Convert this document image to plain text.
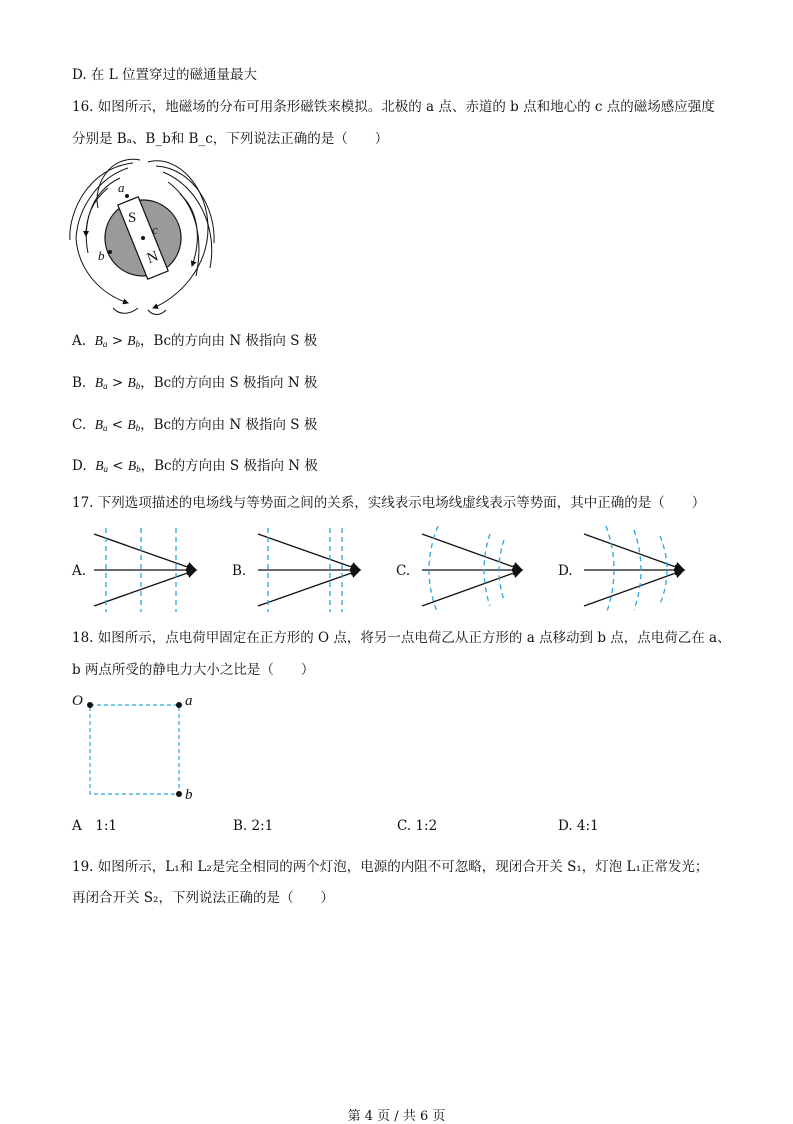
D. 在 L 位置穿过的磁通量最大
16. 如图所示，地磁场的分布可用条形磁铁来模拟。北极的 a 点、赤道的 b 点和地心的 c 点的磁场感应强度
分别是 Bₐ、B_b和 B_c，下列说法正确的是（　　）
S
N
c
a
b
A. $B_a > B_b$，Bc的方向由 N 极指向 S 极
B. $B_a > B_b$，Bc的方向由 S 极指向 N 极
C. $B_a < B_b$，Bc的方向由 N 极指向 S 极
D. $B_a < B_b$，Bc的方向由 S 极指向 N 极
17. 下列选项描述的电场线与等势面之间的关系，实线表示电场线虚线表示等势面，其中正确的是（　　）
A.	B.	C.	D.
18. 如图所示，点电荷甲固定在正方形的 O 点，将另一点电荷乙从正方形的 a 点移动到 b 点，点电荷乙在 a、
b 两点所受的静电力大小之比是（　　）
O	a
b
A　1:1	B. 2:1	C. 1:2	D. 4:1
19. 如图所示，L₁和 L₂是完全相同的两个灯泡，电源的内阻不可忽略，现闭合开关 S₁，灯泡 L₁正常发光；
再闭合开关 S₂，下列说法正确的是（　　）
第 4 页 / 共 6 页
